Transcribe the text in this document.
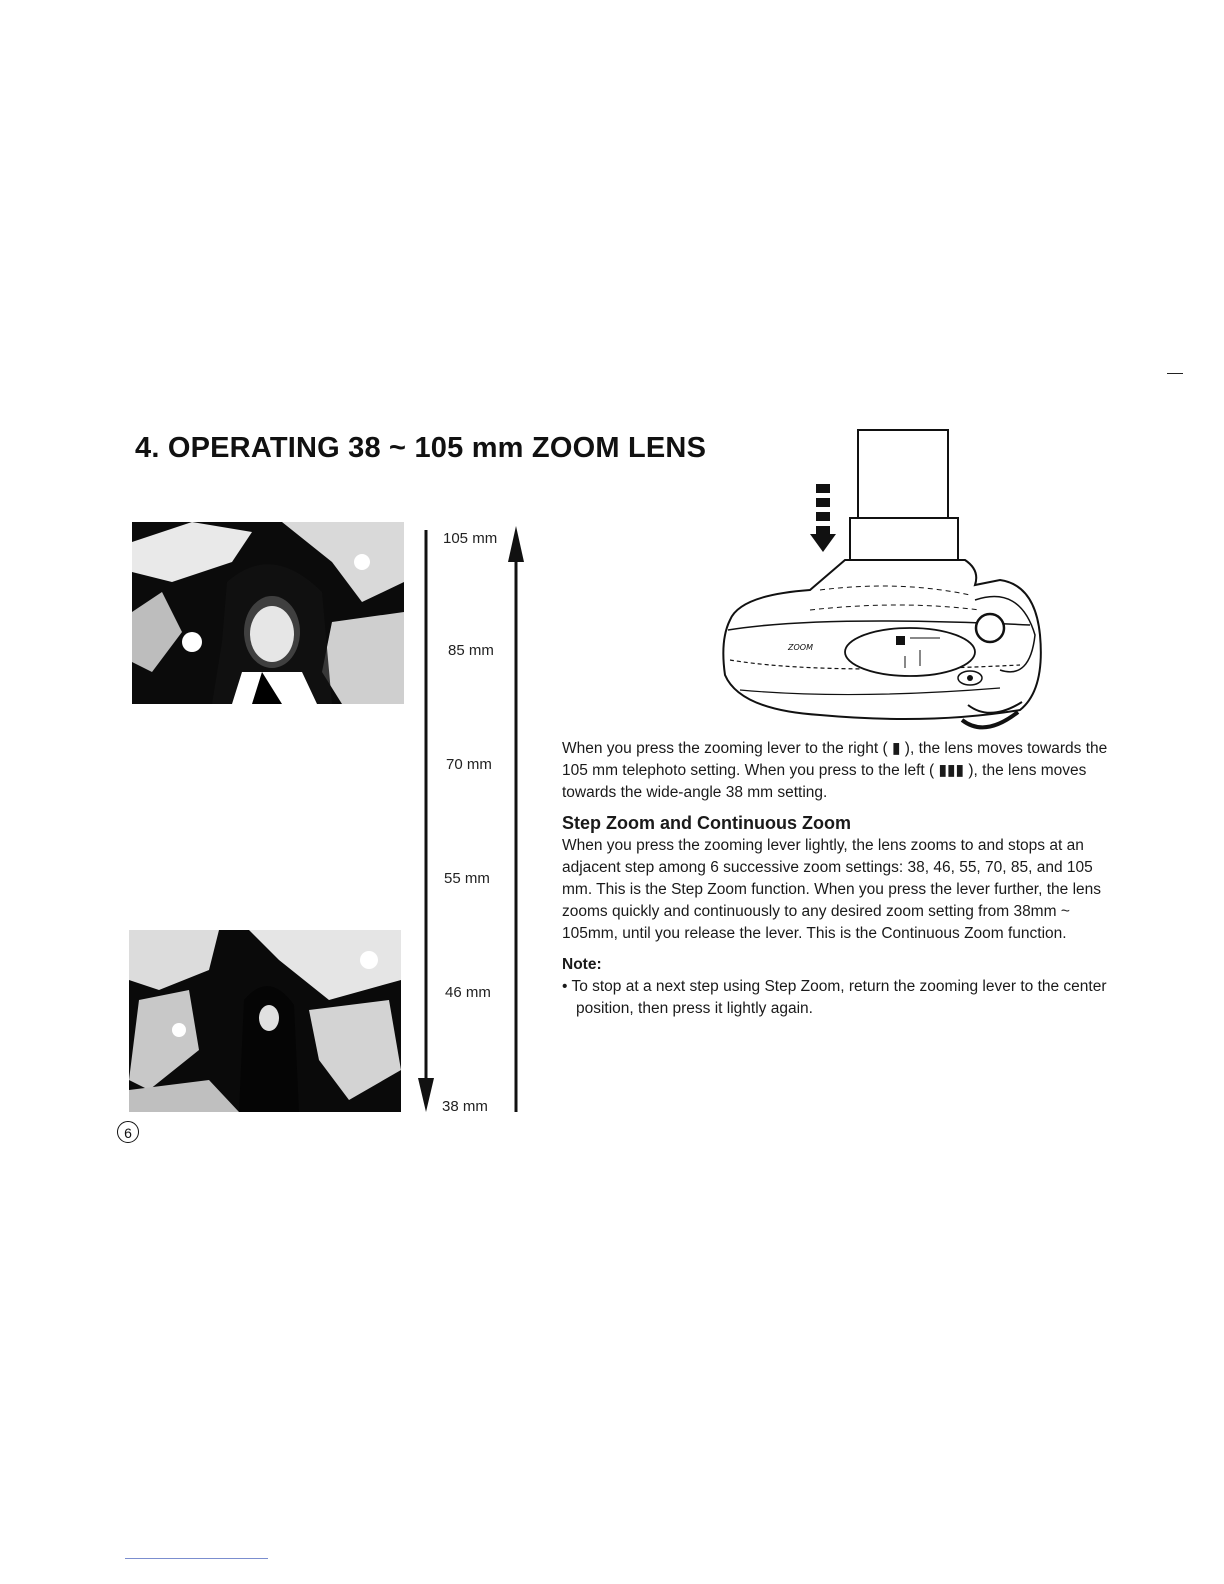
4. OPERATING 38 ~ 105 mm ZOOM LENS
105 mm
85 mm
70 mm
55 mm
46 mm
38 mm
ZOOM

When you press the zooming lever to the right ( ▮ ), the lens moves towards the 105 mm telephoto setting. When you press to the left ( ▮▮▮ ), the lens moves towards the wide-angle 38 mm setting.

Step Zoom and Continuous Zoom

When you press the zooming lever lightly, the lens zooms to and stops at an adjacent step among 6 successive zoom settings: 38, 46, 55, 70, 85, and 105 mm. This is the Step Zoom function. When you press the lever further, the lens zooms quickly and continuously to any desired zoom setting from 38mm ~ 105mm, until you release the lever. This is the Continuous Zoom function.

Note:

• To stop at a next step using Step Zoom, return the zooming lever to the center position, then press it lightly again.

6
